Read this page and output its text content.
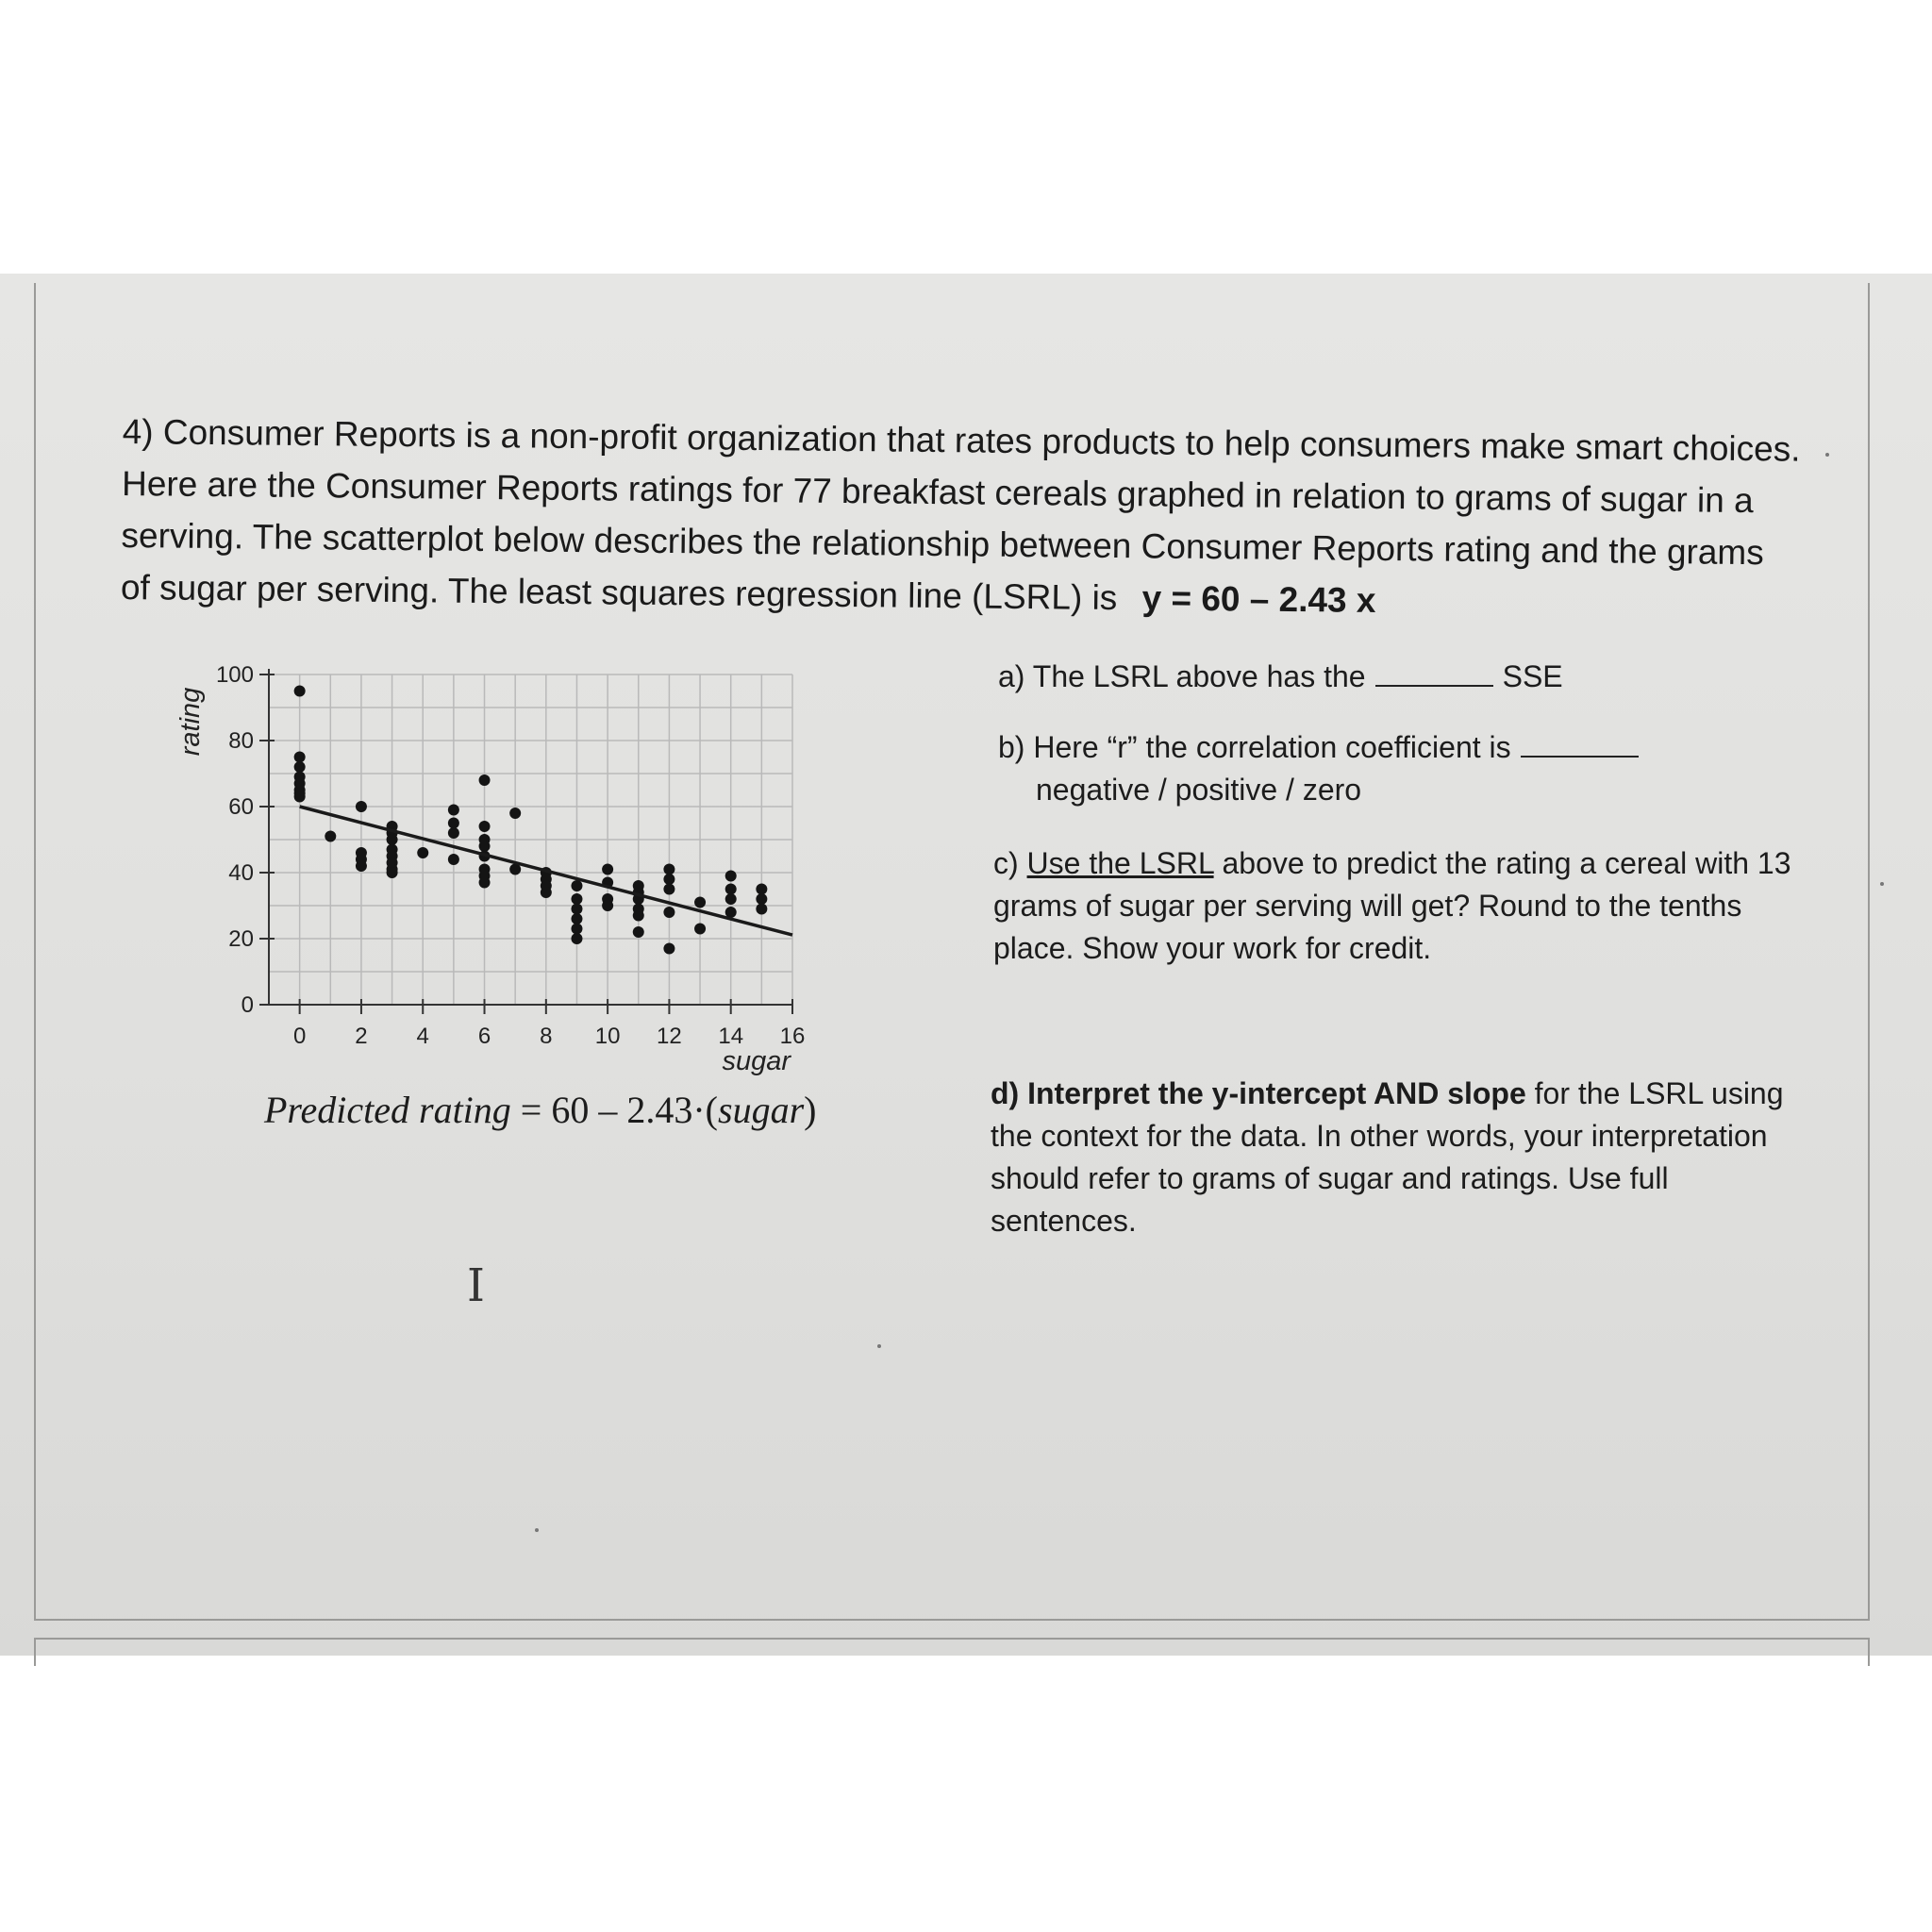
4) Consumer Reports is a non-profit organization that rates products to help consumers make smart choices. Here are the Consumer Reports ratings for 77 breakfast cereals graphed in relation to grams of sugar in a serving. The scatterplot below describes the relationship between Consumer Reports rating and the grams of sugar per serving. The least squares regression line (LSRL) is y = 60 – 2.43 x
0
20
40
60
80
100
0 2 4 6 8 10 12 14 16
sugar
rating
Predicted rating = 60 – 2.43·(sugar)
I
a) The LSRL above has the	SSE
b) Here “r” the correlation coefficient is
negative / positive / zero
c) Use the LSRL above to predict the rating a cereal with 13 grams of sugar per serving will get? Round to the tenths place. Show your work for credit.
d) Interpret the y-intercept AND slope for the LSRL using the context for the data. In other words, your interpretation should refer to grams of sugar and ratings. Use full sentences.
